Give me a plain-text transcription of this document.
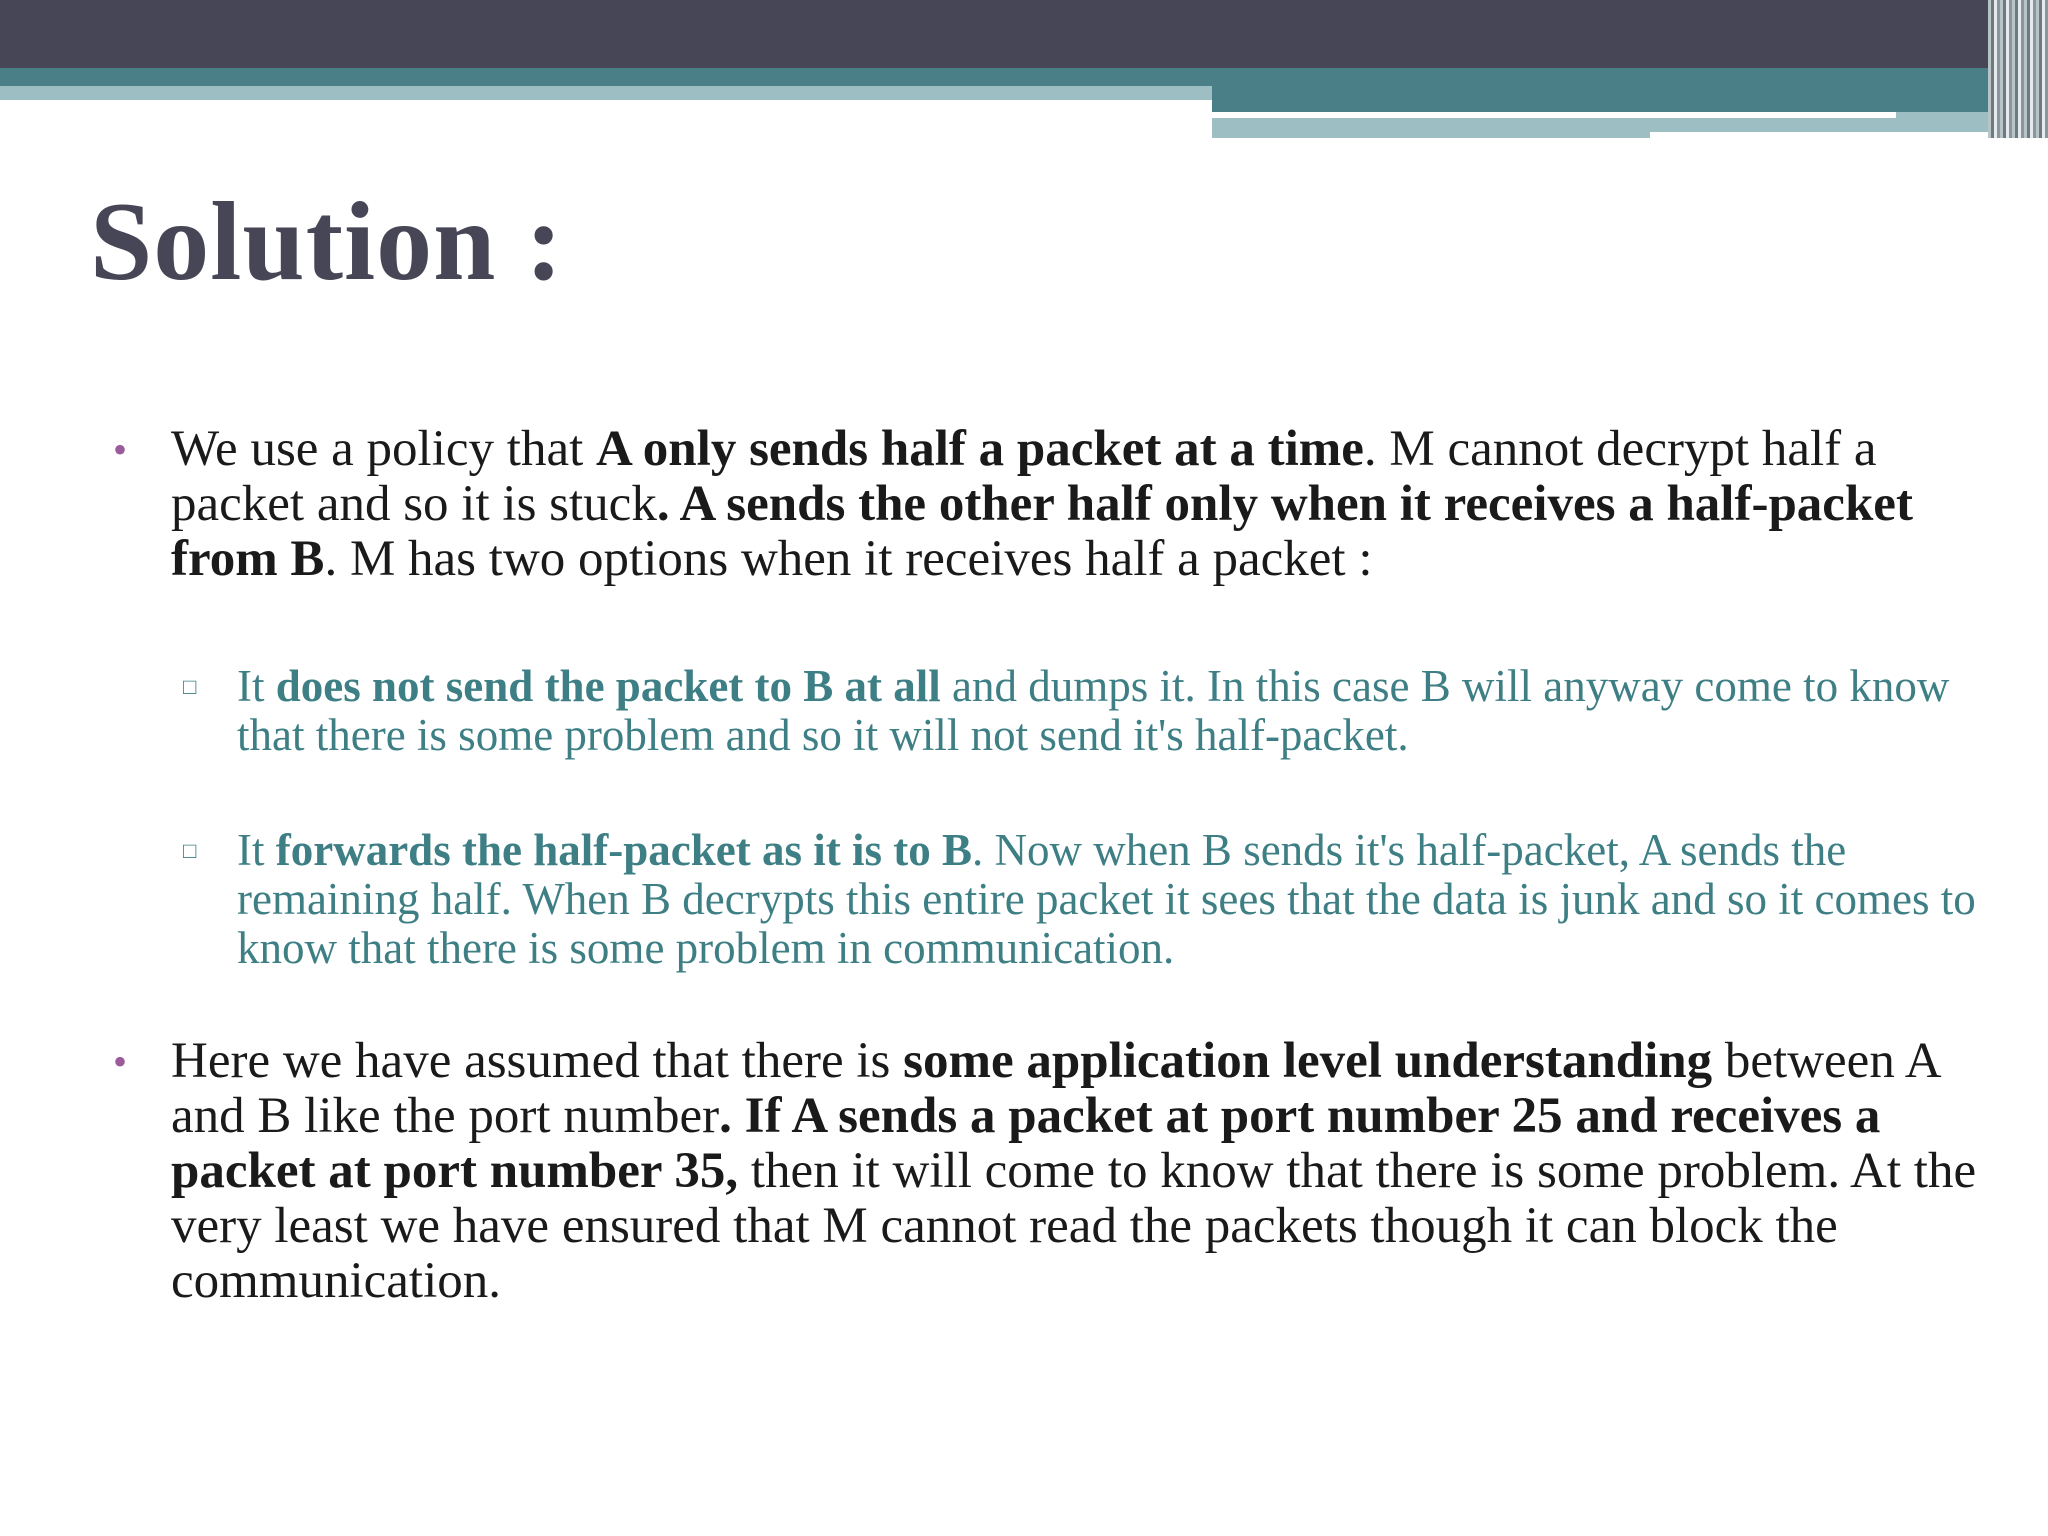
Solution :
• We use a policy that A only sends half a packet at a time. M cannot decrypt half a packet and so it is stuck. A sends the other half only when it receives a half-packet from B. M has two options when it receives half a packet :
□ It does not send the packet to B at all and dumps it. In this case B will anyway come to know that there is some problem and so it will not send it's half-packet.
□ It forwards the half-packet as it is to B. Now when B sends it's half-packet, A sends the remaining half. When B decrypts this entire packet it sees that the data is junk and so it comes to know that there is some problem in communication.
• Here we have assumed that there is some application level understanding between A and B like the port number. If A sends a packet at port number 25 and receives a packet at port number 35, then it will come to know that there is some problem. At the very least we have ensured that M cannot read the packets though it can block the communication.
